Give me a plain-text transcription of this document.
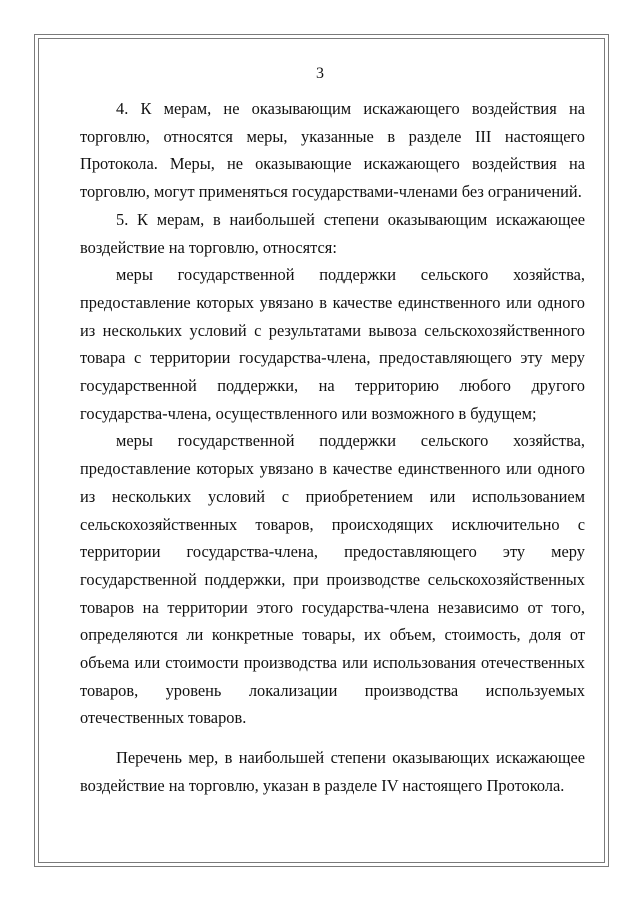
3

4. К мерам, не оказывающим искажающего воздействия на торговлю, относятся меры, указанные в разделе III настоящего Протокола. Меры, не оказывающие искажающего воздействия на торговлю, могут применяться государствами-членами без ограничений.

5. К мерам, в наибольшей степени оказывающим искажающее воздействие на торговлю, относятся:

меры государственной поддержки сельского хозяйства, предоставление которых увязано в качестве единственного или одного из нескольких условий с результатами вывоза сельскохозяйственного товара с территории государства-члена, предоставляющего эту меру государственной поддержки, на территорию любого другого государства-члена, осуществленного или возможного в будущем;

меры государственной поддержки сельского хозяйства, предоставление которых увязано в качестве единственного или одного из нескольких условий с приобретением или использованием сельскохозяйственных товаров, происходящих исключительно с территории государства-члена, предоставляющего эту меру государственной поддержки, при производстве сельскохозяйственных товаров на территории этого государства-члена независимо от того, определяются ли конкретные товары, их объем, стоимость, доля от объема или стоимости производства или использования отечественных товаров, уровень локализации производства используемых отечественных товаров.

Перечень мер, в наибольшей степени оказывающих искажающее воздействие на торговлю, указан в разделе IV настоящего Протокола.
